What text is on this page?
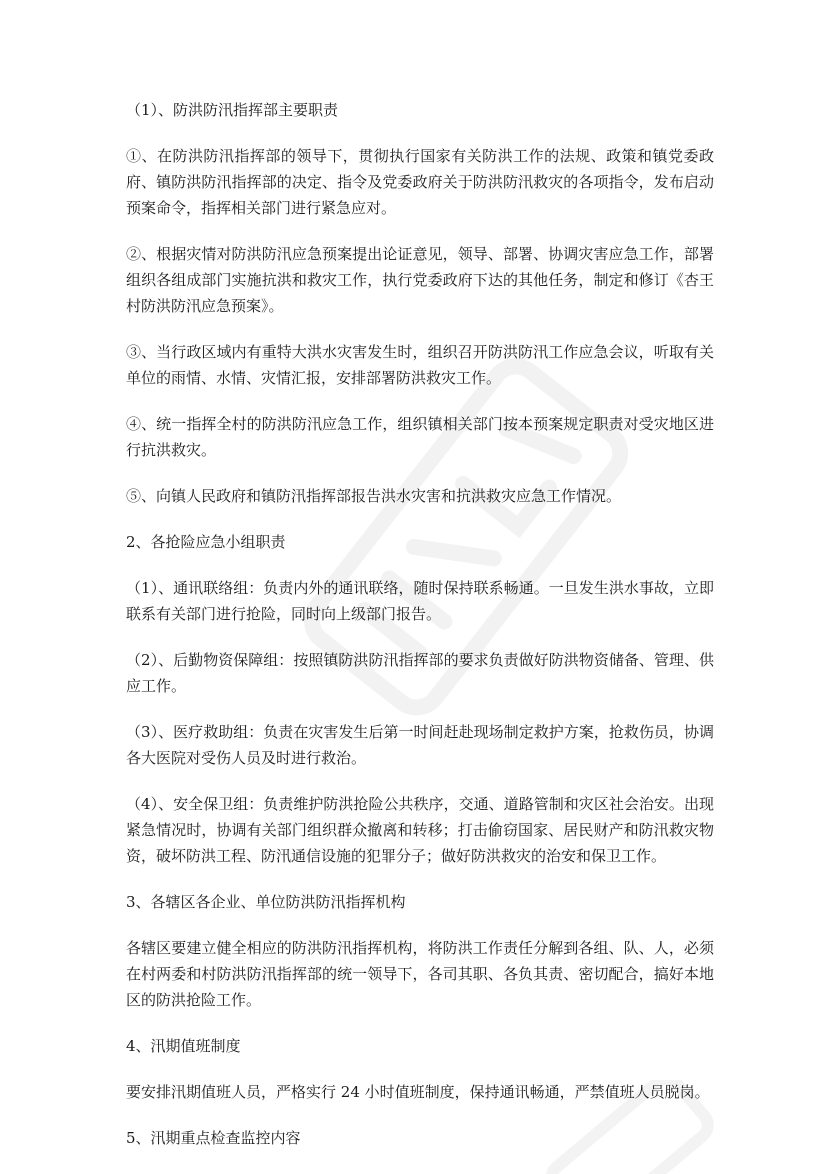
（1）、防洪防汛指挥部主要职责

①、在防洪防汛指挥部的领导下，贯彻执行国家有关防洪工作的法规、政策和镇党委政府、镇防洪防汛指挥部的决定、指令及党委政府关于防洪防汛救灾的各项指令，发布启动预案命令，指挥相关部门进行紧急应对。

②、根据灾情对防洪防汛应急预案提出论证意见，领导、部署、协调灾害应急工作，部署组织各组成部门实施抗洪和救灾工作，执行党委政府下达的其他任务，制定和修订《杏王村防洪防汛应急预案》。

③、当行政区域内有重特大洪水灾害发生时，组织召开防洪防汛工作应急会议，听取有关单位的雨情、水情、灾情汇报，安排部署防洪救灾工作。

④、统一指挥全村的防洪防汛应急工作，组织镇相关部门按本预案规定职责对受灾地区进行抗洪救灾。

⑤、向镇人民政府和镇防汛指挥部报告洪水灾害和抗洪救灾应急工作情况。

2、各抢险应急小组职责

（1）、通讯联络组：负责内外的通讯联络，随时保持联系畅通。一旦发生洪水事故，立即联系有关部门进行抢险，同时向上级部门报告。

（2）、后勤物资保障组：按照镇防洪防汛指挥部的要求负责做好防洪物资储备、管理、供应工作。

（3）、医疗救助组：负责在灾害发生后第一时间赶赴现场制定救护方案，抢救伤员，协调各大医院对受伤人员及时进行救治。

（4）、安全保卫组：负责维护防洪抢险公共秩序，交通、道路管制和灾区社会治安。出现紧急情况时，协调有关部门组织群众撤离和转移；打击偷窃国家、居民财产和防汛救灾物资，破坏防洪工程、防汛通信设施的犯罪分子；做好防洪救灾的治安和保卫工作。

3、各辖区各企业、单位防洪防汛指挥机构

各辖区要建立健全相应的防洪防汛指挥机构，将防洪工作责任分解到各组、队、人，必须在村两委和村防洪防汛指挥部的统一领导下，各司其职、各负其责、密切配合，搞好本地区的防洪抢险工作。

4、汛期值班制度

要安排汛期值班人员，严格实行 24 小时值班制度，保持通讯畅通，严禁值班人员脱岗。

5、汛期重点检查监控内容
